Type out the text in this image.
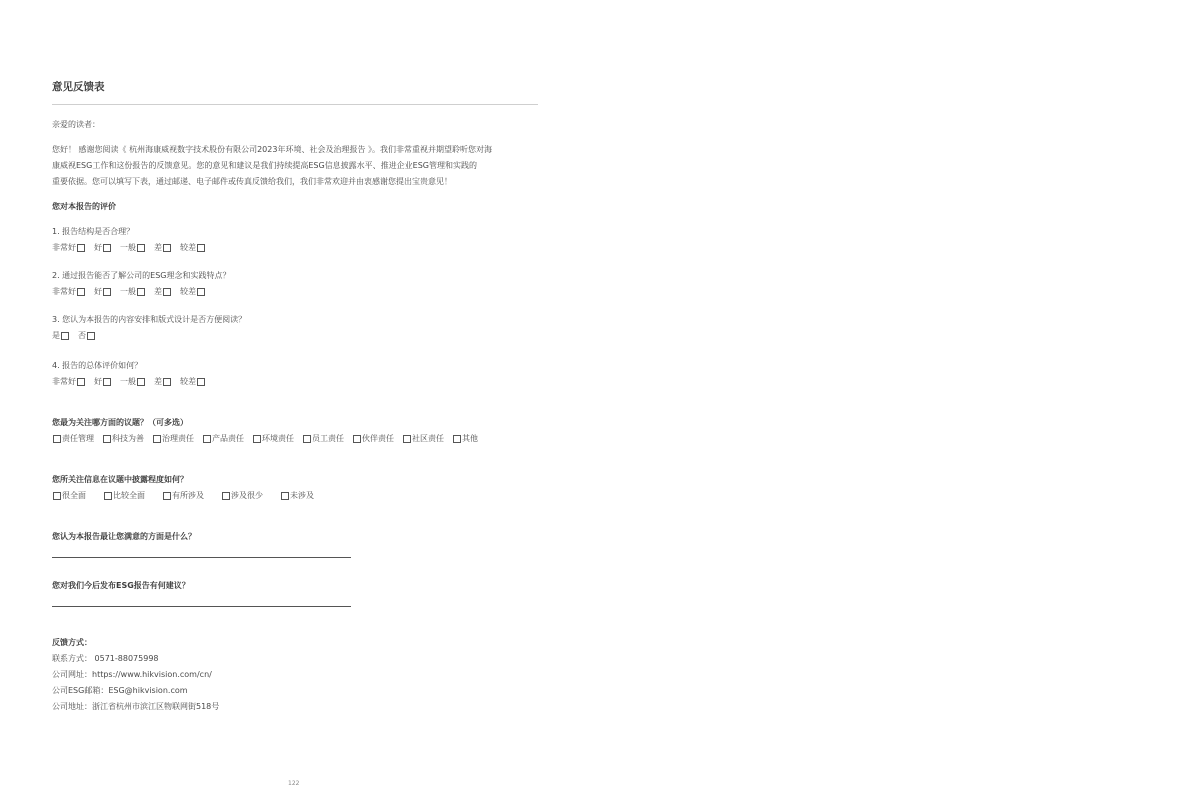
意见反馈表
亲爱的读者：
您好！ 感谢您阅读《 杭州海康威视数字技术股份有限公司2023年环境、社会及治理报告 》。我们非常重视并期望聆听您对海
康威视ESG工作和这份报告的反馈意见。您的意见和建议是我们持续提高ESG信息披露水平、推进企业ESG管理和实践的
重要依据。您可以填写下表，通过邮递、电子邮件或传真反馈给我们，我们非常欢迎并由衷感谢您提出宝贵意见！
您对本报告的评价
1. 报告结构是否合理？
非常好 好 一般 差 较差
2. 通过报告能否了解公司的ESG理念和实践特点？
非常好 好 一般 差 较差
3. 您认为本报告的内容安排和版式设计是否方便阅读？
是 否
4. 报告的总体评价如何？
非常好 好 一般 差 较差
您最为关注哪方面的议题？（可多选）
责任管理 科技为善 治理责任 产品责任 环境责任 员工责任 伙伴责任 社区责任 其他
您所关注信息在议题中披露程度如何？
很全面	比较全面	有所涉及	涉及很少	未涉及
您认为本报告最让您满意的方面是什么？
您对我们今后发布ESG报告有何建议？
反馈方式：
联系方式： 0571-88075998
公司网址：https://www.hikvision.com/cn/
公司ESG邮箱：ESG@hikvision.com
公司地址：浙江省杭州市滨江区物联网街518号
122
